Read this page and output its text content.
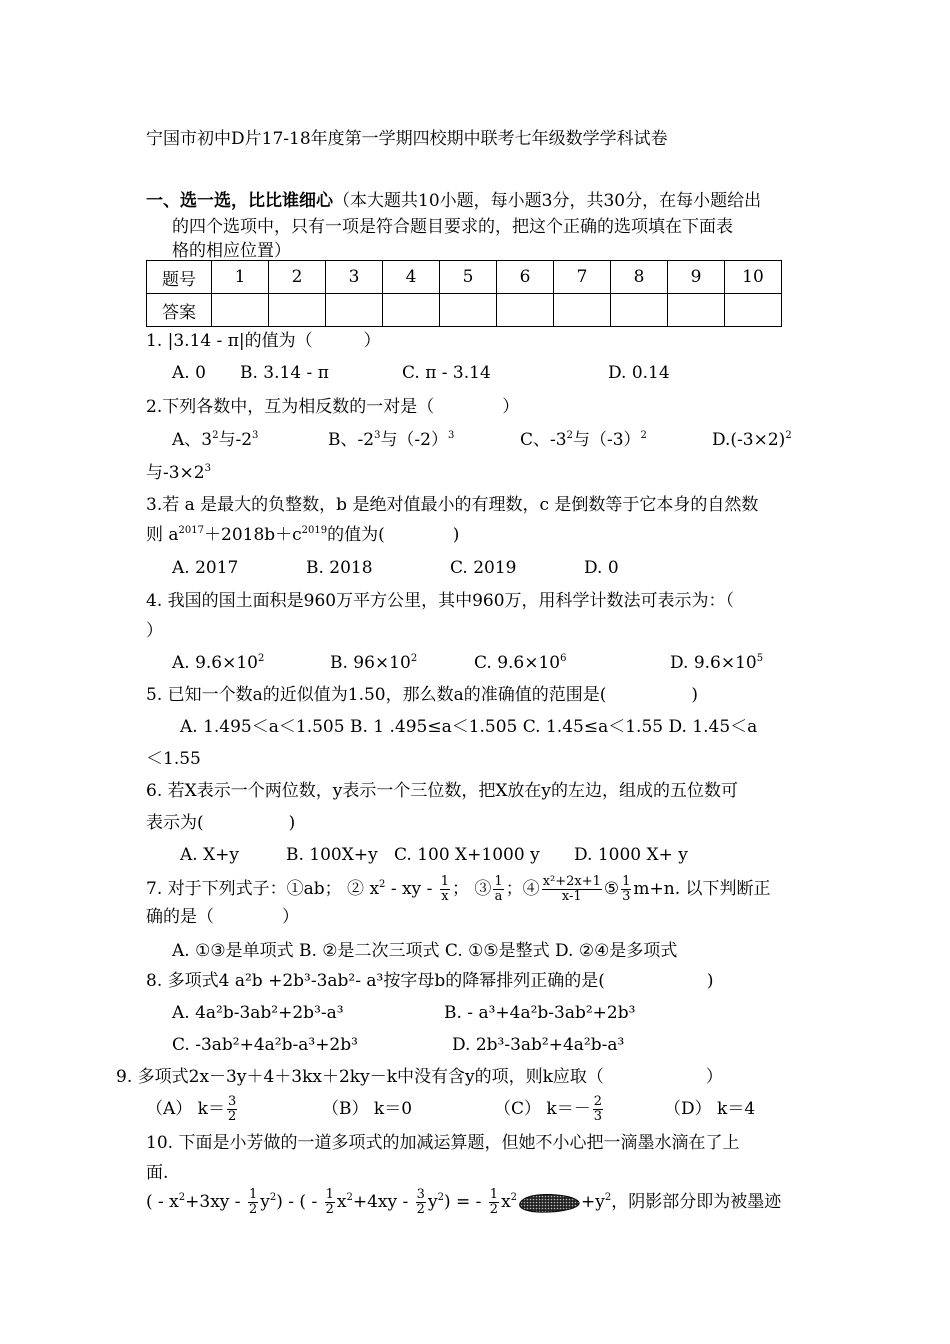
宁国市初中D片17-18年度第一学期四校期中联考七年级数学学科试卷
一、选一选，比比谁细心（本大题共10小题，每小题3分，共30分，在每小题给出
的四个选项中，只有一项是符合题目要求的，把这个正确的选项填在下面表
格的相应位置）
题号	1	2	3	4	5	6	7	8	9	10
答案										
1. |3.14 - π|的值为（　　　）
A. 0 B. 3.14 - π	C. π - 3.14	D. 0.14
2.下列各数中，互为相反数的一对是（　　　　）
A、$3^2$与$-2^3$	B、$-2^3$与$(-2)^3$	C、$-3^2$与$(-3)^2$	$D.(-3\times 2)^2$
与$-3\times 2^3$
3.若 a 是最大的负整数，b 是绝对值最小的有理数，c 是倒数等于它本身的自然数
则 $a^{2017}+2018b+c^{2019}$的值为(　　　　)
A. 2017	B. 2018	C. 2019	D. 0
4. 我国的国土面积是960万平方公里，其中960万，用科学计数法可表示为：（
）
A. $9.6\times 10^2$	B. $96\times 10^2$	C. $9.6\times 10^6$	D. $9.6\times 10^5$
5. 已知一个数a的近似值为1.50，那么数a的准确值的范围是(　　　　　)
A. 1.495＜a＜1.505 B. 1 .495≤a＜1.505 C. 1.45≤a＜1.55 D. 1.45＜a
＜1.55
6. 若X表示一个两位数，y表示一个三位数，把X放在y的左边，组成的五位数可
表示为(　　　　　)
A. X+y	B. 100X+y C. 100 X+1000 y D. 1000 X+ y
7. 对于下列式子：①ab； ② $x^2$ - xy - $\frac{1}{x}$ ； ③ $\frac{1}{a}$ ；④ $\frac{\text{x²+2x+1}}{x-1}$ ⑤ $\frac{1}{3} m+n$. 以下判断正
确的是（　　　　）
A. ①③是单项式 B. ②是二次三项式 C. ①⑤是整式 D. ②④是多项式
8. 多项式4 a²b +2b³-3ab²- a³按字母b的降幂排列正确的是(　　　　　　)
A. 4a²b-3ab²+2b³-a³	B. - a³+4a²b-3ab²+2b³
C. -3ab²+4a²b-a³+2b³	D. 2b³-3ab²+4a²b-a³
9. 多项式2x－3y＋4＋3kx＋2ky－k中没有含y的项，则k应取（　　　　　　）
（A） $k= \frac{3}{2}$	（B） k＝0	（C） $k=- \frac{2}{3}$	（D） k＝4
10. 下面是小芳做的一道多项式的加减运算题，但她不小心把一滴墨水滴在了上
面.
( - $x^2+3xy - \frac{1}{2} y^2$) - ( - $\frac{1}{2} x^2+4xy - \frac{3}{2} y^2$) = - $\frac{1}{2} x^2$	$+y^2$，阴影部分即为被墨迹
